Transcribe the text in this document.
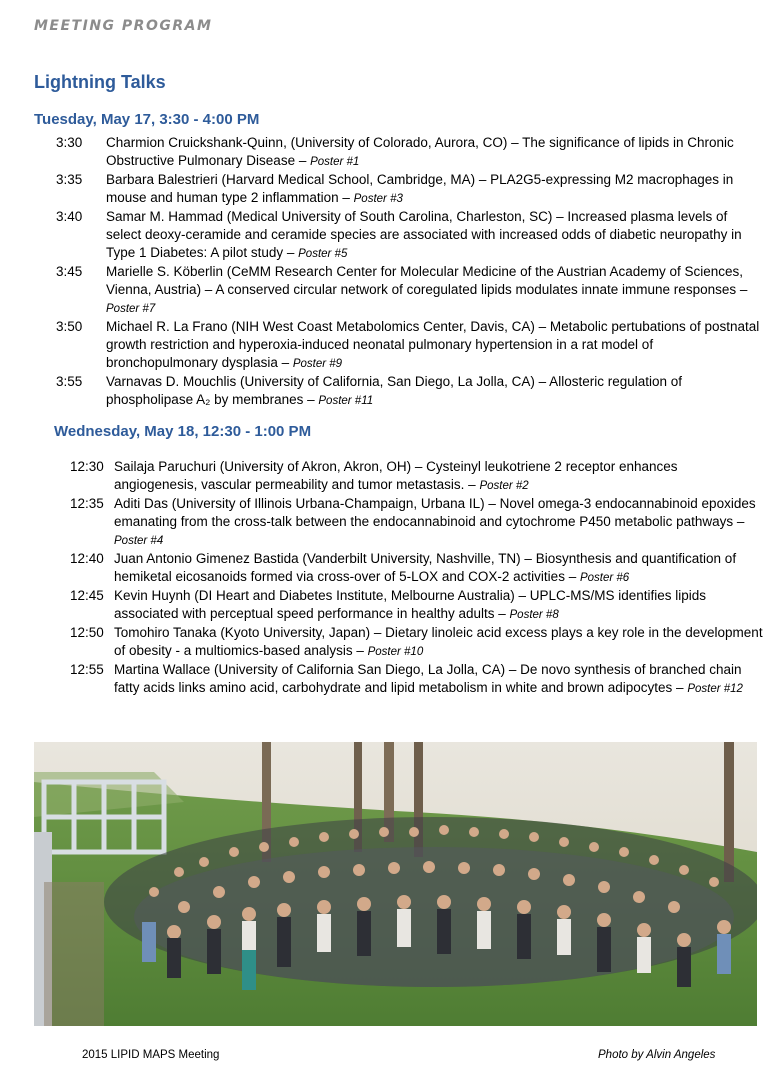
MEETING PROGRAM
Lightning Talks
Tuesday, May 17, 3:30 - 4:00 PM
3:30	Charmion Cruickshank-Quinn, (University of Colorado, Aurora, CO) – The significance of lipids in Chronic Obstructive Pulmonary Disease – Poster #1
3:35	Barbara Balestrieri (Harvard Medical School, Cambridge, MA) – PLA2G5-expressing M2 macrophages in mouse and human type 2 inflammation – Poster #3
3:40	Samar M. Hammad (Medical University of South Carolina, Charleston, SC) – Increased plasma levels of select deoxy-ceramide and ceramide species are associated with increased odds of diabetic neuropathy in Type 1 Diabetes: A pilot study – Poster #5
3:45	Marielle S. Köberlin (CeMM Research Center for Molecular Medicine of the Austrian Academy of Sciences, Vienna, Austria) – A conserved circular network of coregulated lipids modulates innate immune responses – Poster #7
3:50	Michael R. La Frano (NIH West Coast Metabolomics Center, Davis, CA) – Metabolic pertubations of postnatal growth restriction and hyperoxia-induced neonatal pulmonary hypertension in a rat model of bronchopulmonary dysplasia – Poster #9
3:55	Varnavas D. Mouchlis (University of California, San Diego, La Jolla, CA) – Allosteric regulation of phospholipase A₂ by membranes – Poster #11
Wednesday, May 18, 12:30 - 1:00 PM
12:30 Sailaja Paruchuri (University of Akron, Akron, OH) – Cysteinyl leukotriene 2 receptor enhances angiogenesis, vascular permeability and tumor metastasis. – Poster #2
12:35 Aditi Das (University of Illinois Urbana-Champaign, Urbana IL) – Novel omega-3 endocannabinoid epoxides emanating from the cross-talk between the endocannabinoid and cytochrome P450 metabolic pathways – Poster #4
12:40 Juan Antonio Gimenez Bastida (Vanderbilt University, Nashville, TN) – Biosynthesis and quantification of hemiketal eicosanoids formed via cross-over of 5-LOX and COX-2 activities – Poster #6
12:45 Kevin Huynh (DI Heart and Diabetes Institute, Melbourne Australia) – UPLC-MS/MS identifies lipids associated with perceptual speed performance in healthy adults – Poster #8
12:50 Tomohiro Tanaka (Kyoto University, Japan) – Dietary linoleic acid excess plays a key role in the development of obesity - a multiomics-based analysis – Poster #10
12:55 Martina Wallace (University of California San Diego, La Jolla, CA) – De novo synthesis of branched chain fatty acids links amino acid, carbohydrate and lipid metabolism in white and brown adipocytes – Poster #12
2015 LIPID MAPS Meeting	Photo by Alvin Angeles
